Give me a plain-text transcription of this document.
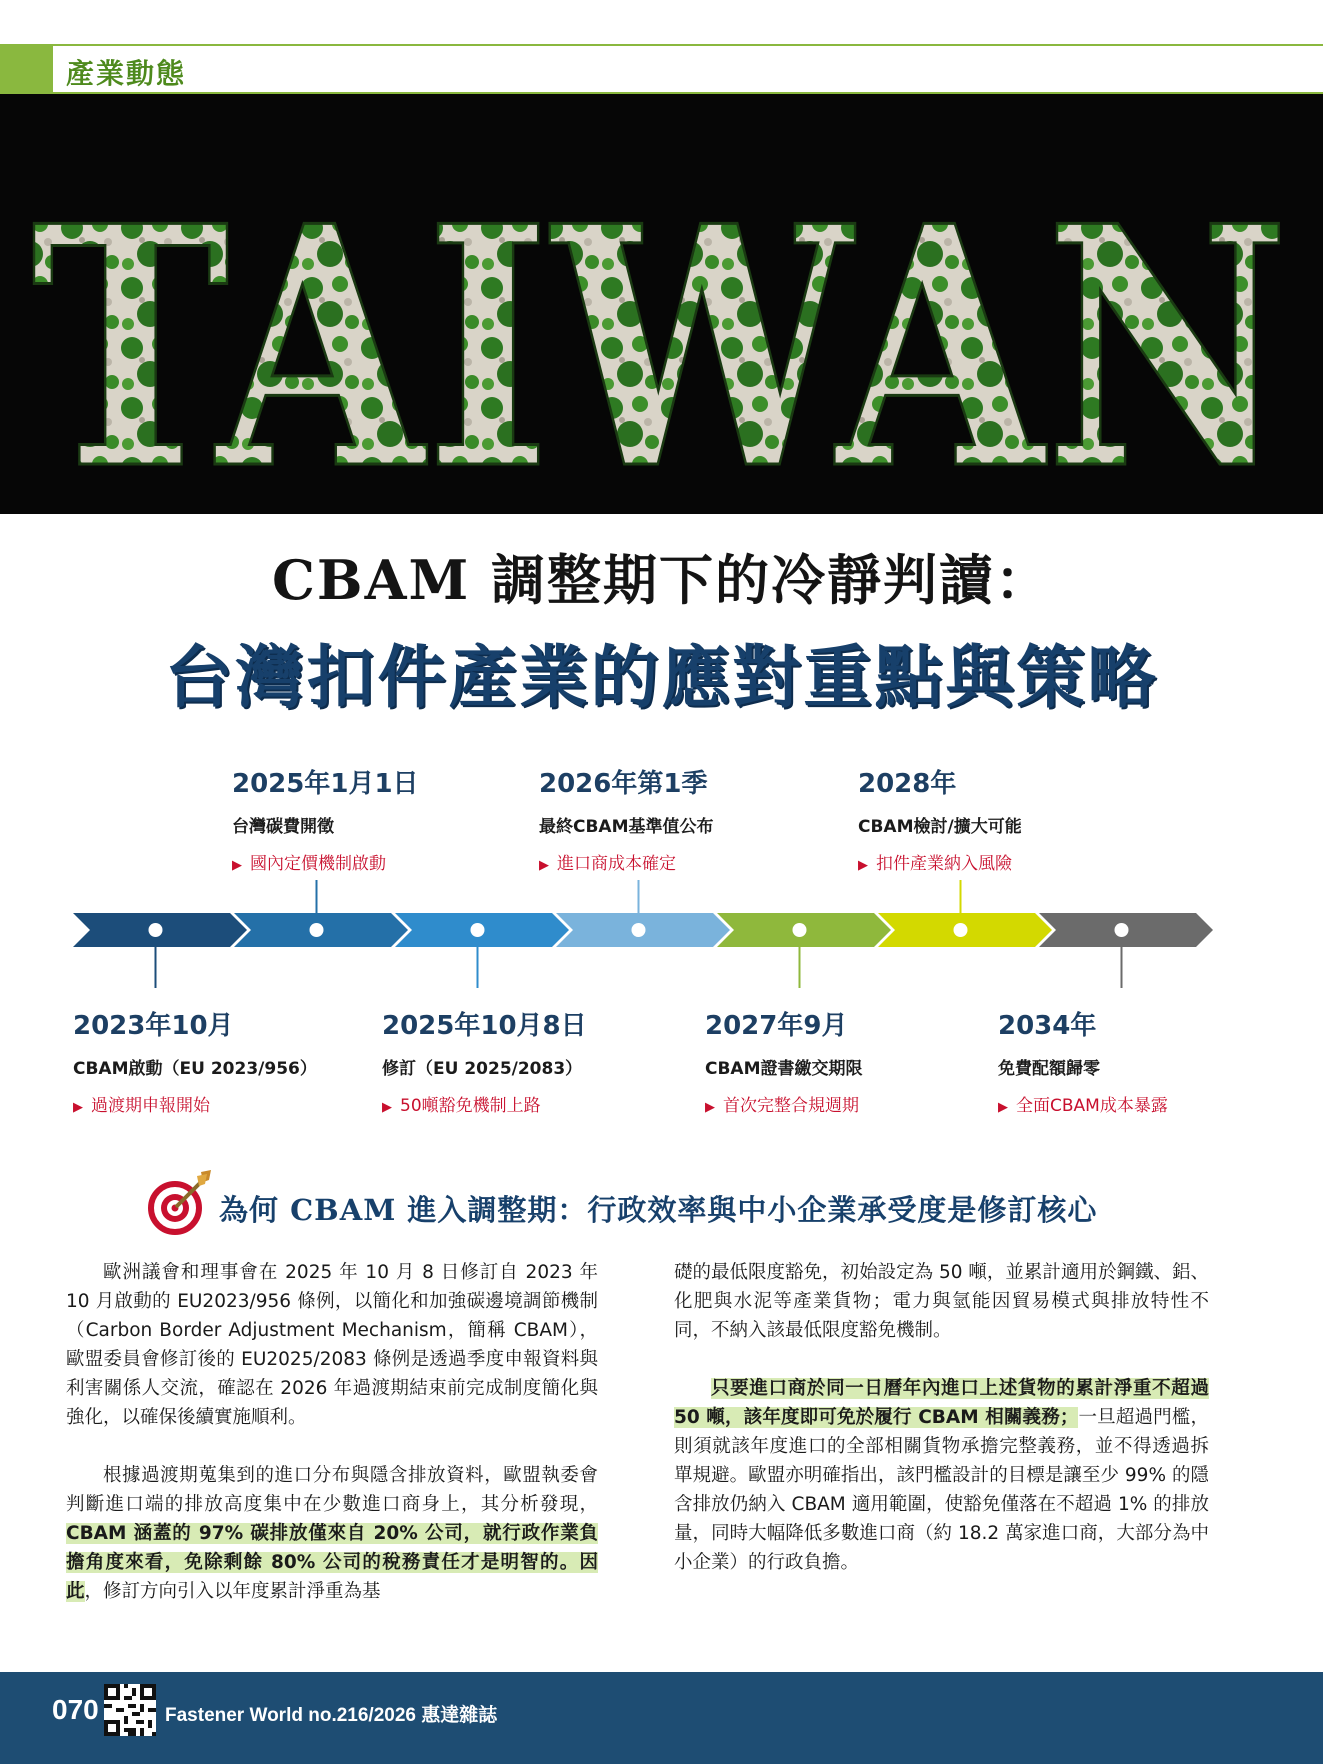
產業動態
TAIWAN
CBAM 調整期下的冷靜判讀：
台灣扣件產業的應對重點與策略
2025年1月1日
台灣碳費開徵
▶ 國內定價機制啟動
2026年第1季
最終CBAM基準值公布
▶ 進口商成本確定
2028年
CBAM檢討/擴大可能
▶ 扣件產業納入風險
2023年10月
CBAM啟動（EU 2023/956）
▶ 過渡期申報開始
2025年10月8日
修訂（EU 2025/2083）
▶ 50噸豁免機制上路
2027年9月
CBAM證書繳交期限
▶ 首次完整合規週期
2034年
免費配額歸零
▶ 全面CBAM成本暴露
為何 CBAM 進入調整期：行政效率與中小企業承受度是修訂核心

歐洲議會和理事會在 2025 年 10 月 8 日修訂自 2023 年 10 月啟動的 EU2023/956 條例，以簡化和加強碳邊境調節機制（Carbon Border Adjustment Mechanism，簡稱 CBAM），歐盟委員會修訂後的 EU2025/2083 條例是透過季度申報資料與利害關係人交流，確認在 2026 年過渡期結束前完成制度簡化與強化，以確保後續實施順利。

根據過渡期蒐集到的進口分布與隱含排放資料，歐盟執委會判斷進口端的排放高度集中在少數進口商身上，其分析發現，CBAM 涵蓋的 97% 碳排放僅來自 20% 公司，就行政作業負擔角度來看，免除剩餘 80% 公司的稅務責任才是明智的。因此，修訂方向引入以年度累計淨重為基

礎的最低限度豁免，初始設定為 50 噸，並累計適用於鋼鐵、鋁、化肥與水泥等產業貨物；電力與氫能因貿易模式與排放特性不同，不納入該最低限度豁免機制。

只要進口商於同一日曆年內進口上述貨物的累計淨重不超過 50 噸，該年度即可免於履行 CBAM 相關義務；一旦超過門檻，則須就該年度進口的全部相關貨物承擔完整義務，並不得透過拆單規避。歐盟亦明確指出，該門檻設計的目標是讓至少 99% 的隱含排放仍納入 CBAM 適用範圍，使豁免僅落在不超過 1% 的排放量，同時大幅降低多數進口商（約 18.2 萬家進口商，大部分為中小企業）的行政負擔。

070	Fastener World no.216/2026 惠達雜誌
